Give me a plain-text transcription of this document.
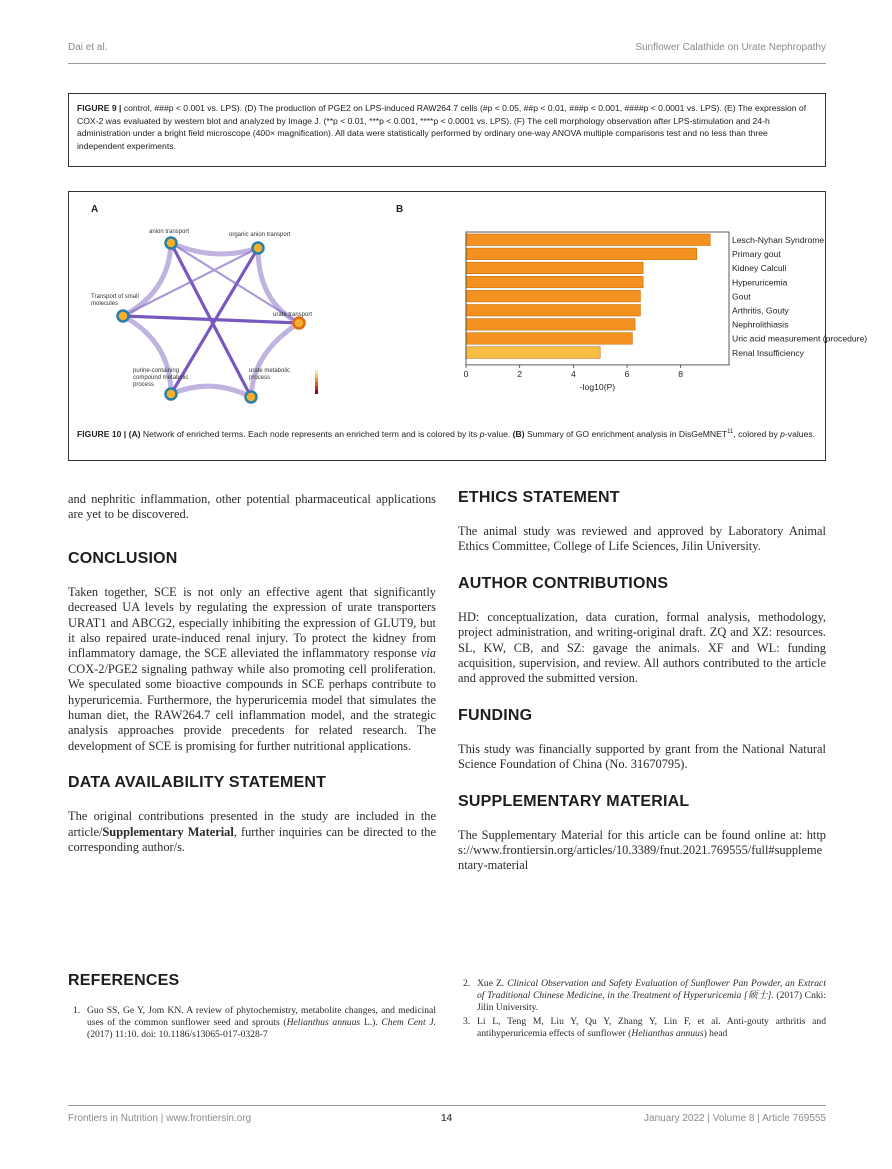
Dai et al.	Sunflower Calathide on Urate Nephropathy
FIGURE 9 | control, ###p < 0.001 vs. LPS). (D) The production of PGE2 on LPS-induced RAW264.7 cells (#p < 0.05, ##p < 0.01, ###p < 0.001, ####p < 0.0001 vs. LPS). (E) The expression of COX-2 was evaluated by western blot and analyzed by Image J. (**p < 0.01, ***p < 0.001, ****p < 0.0001 vs. LPS). (F) The cell morphology observation after LPS-stimulation and 24-h administration under a bright field microscope (400× magnification). All data were statistically performed by ordinary one-way ANOVA multiple comparisons test and no less than three independent experiments.
A	B
anion transport	organic anion transport
Transport of small molecules
urate transport
purine-containing compound metabolic process
urate metabolic process
Lesch-Nyhan Syndrome
Primary gout
Kidney Calculi
Hyperuricemia
Gout
Arthritis, Gouty
Nephrolithiasis
Uric acid measurement (procedure)
Renal Insufficiency
0	2	4	6	8
-log10(P)
FIGURE 10 | (A) Network of enriched terms. Each node represents an enriched term and is colored by its p-value. (B) Summary of GO enrichment analysis in DisGeMNET$^{11}$, colored by p-values.

and nephritic inflammation, other potential pharmaceutical applications are yet to be discovered.

CONCLUSION

Taken together, SCE is not only an effective agent that significantly decreased UA levels by regulating the expression of urate transporters URAT1 and ABCG2, especially inhibiting the expression of GLUT9, but it also repaired urate-induced renal injury. To protect the kidney from inflammatory damage, the SCE alleviated the inflammatory response via COX-2/PGE2 signaling pathway while also promoting cell proliferation. We speculated some bioactive compounds in SCE perhaps contribute to hyperuricemia. Furthermore, the hyperuricemia model that simulates the human diet, the RAW264.7 cell inflammation model, and the strategic analysis approaches provide precedents for related research. The development of SCE is promising for further nutritional applications.

DATA AVAILABILITY STATEMENT

The original contributions presented in the study are included in the article/Supplementary Material, further inquiries can be directed to the corresponding author/s.

REFERENCES
1. Guo SS, Ge Y, Jom KN. A review of phytochemistry, metabolite changes, and medicinal uses of the common sunflower seed and sprouts (Helianthus annuus L.). Chem Cent J. (2017) 11:10. doi: 10.1186/s13065-017-0328-7
ETHICS STATEMENT

The animal study was reviewed and approved by Laboratory Animal Ethics Committee, College of Life Sciences, Jilin University.

AUTHOR CONTRIBUTIONS

HD: conceptualization, data curation, formal analysis, methodology, project administration, and writing-original draft. ZQ and XZ: resources. SL, KW, CB, and SZ: gavage the animals. XF and WL: funding acquisition, supervision, and review. All authors contributed to the article and approved the submitted version.

FUNDING

This study was financially supported by grant from the National Natural Science Foundation of China (No. 31670795).

SUPPLEMENTARY MATERIAL

The Supplementary Material for this article can be found online at: https://www.frontiersin.org/articles/10.3389/fnut.2021.769555/full#supplementary-material

2. Xue Z. Clinical Observation and Safety Evaluation of Sunflower Pan Powder, an Extract of Traditional Chinese Medicine, in the Treatment of Hyperuricemia [硕士]. (2017) Cnki: Jilin University.
3. Li L, Teng M, Liu Y, Qu Y, Zhang Y, Lin F, et al. Anti-gouty arthritis and antihyperuricemia effects of sunflower (Helianthus annuus) head
Frontiers in Nutrition | www.frontiersin.org	14	January 2022 | Volume 8 | Article 769555
